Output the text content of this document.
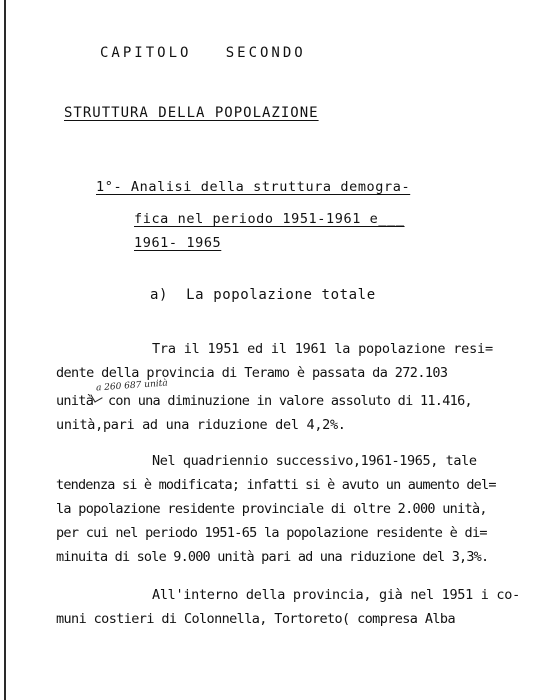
CAPITOLO   SECONDO
STRUTTURA DELLA POPOLAZIONE
1°- Analisi della struttura demogra-
fica nel periodo 1951-1961 e___
1961- 1965
a)  La popolazione totale
Tra il 1951 ed il 1961 la popolazione resi=
dente della provincia di Teramo è passata da 272.103
a 260 687 unità
unità  con una diminuzione in valore assoluto di 11.416,
unità,pari ad una riduzione del 4,2%.
Nel quadriennio successivo,1961-1965, tale
tendenza si è modificata; infatti si è avuto un aumento del=
la popolazione residente provinciale di oltre 2.000 unità,
per cui nel periodo 1951-65 la popolazione residente è di=
minuita di sole 9.000 unità pari ad una riduzione del 3,3%.
All'interno della provincia, già nel 1951 i co-
muni costieri di Colonnella, Tortoreto( compresa Alba
